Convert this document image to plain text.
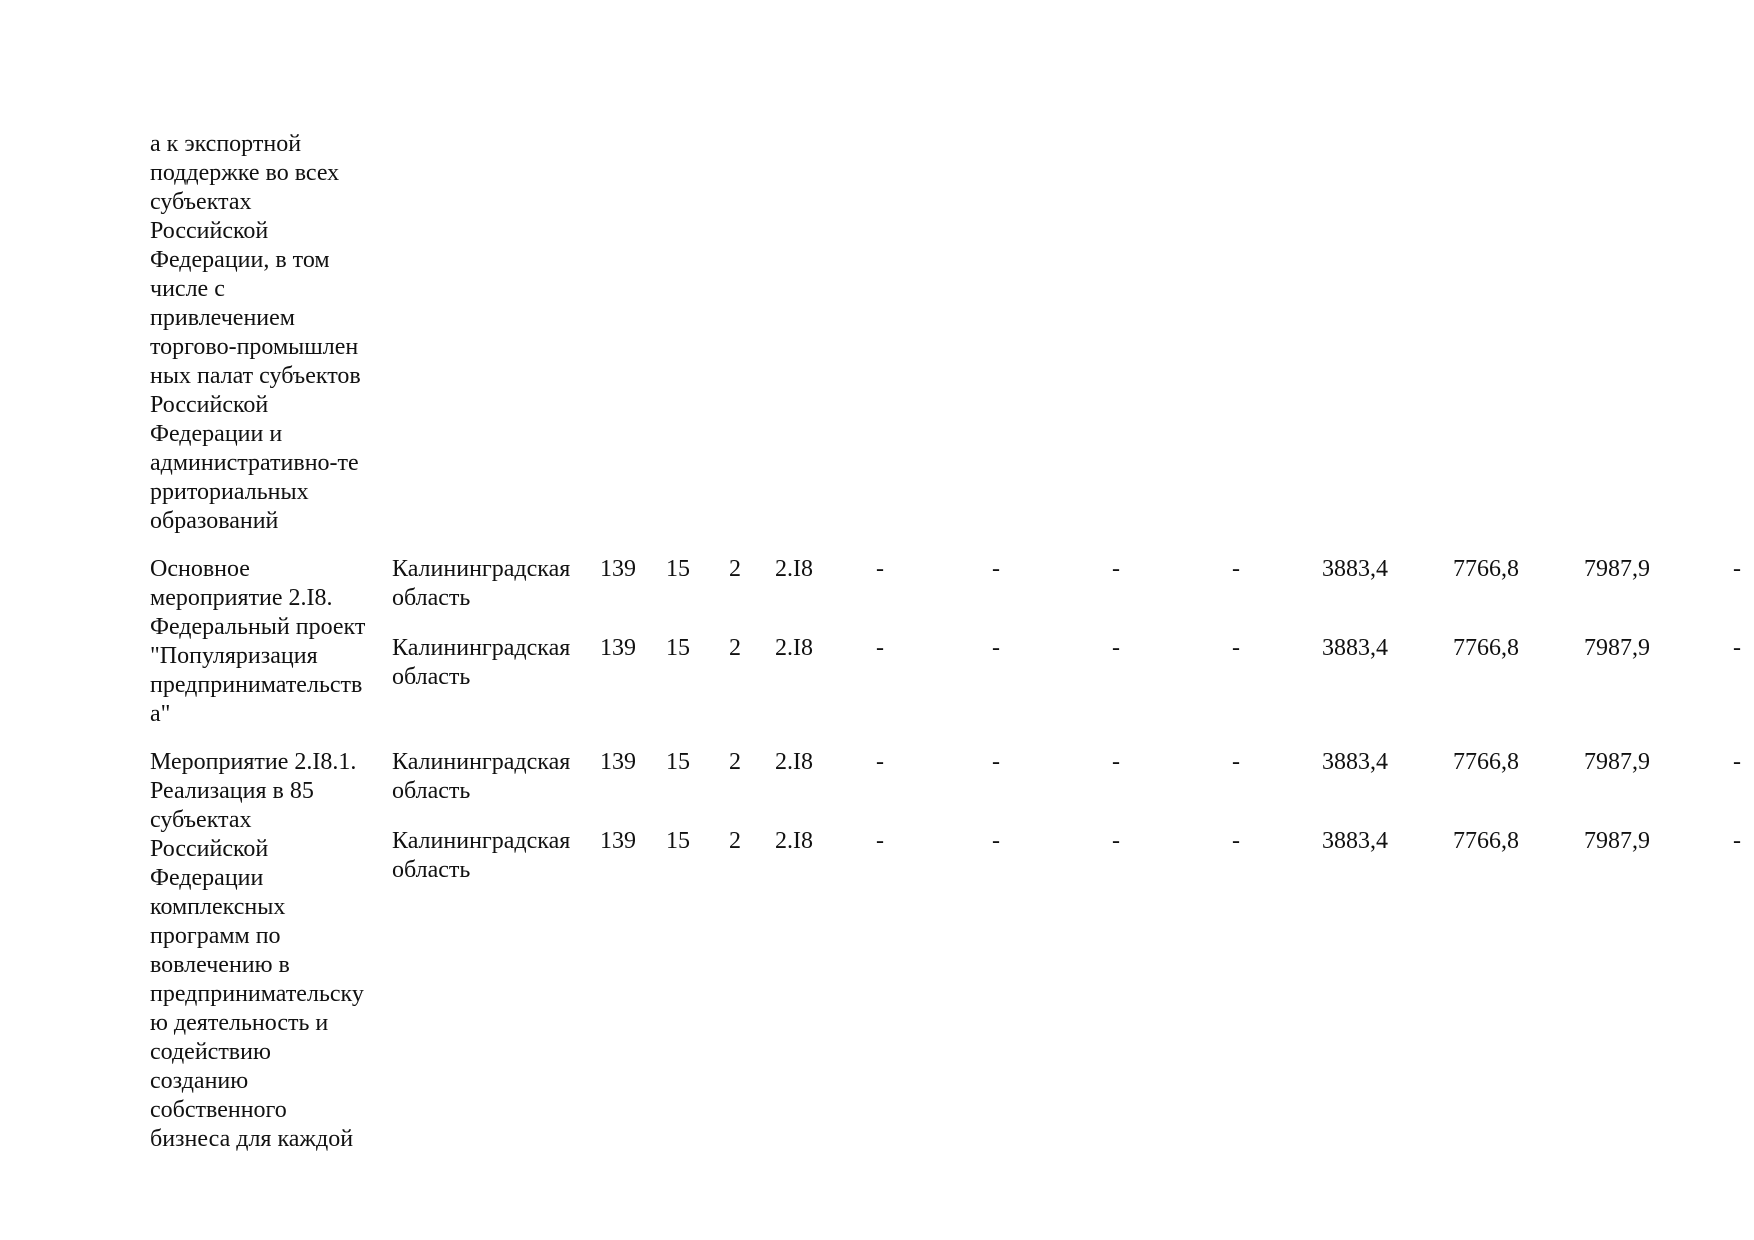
а к экспортной
поддержке во всех
субъектах
Российской
Федерации, в том
числе с
привлечением
торгово-промышлен
ных палат субъектов
Российской
Федерации и
административно-те
рриториальных
образований
Основное
мероприятие 2.I8.
Федеральный проект
"Популяризация
предпринимательств
а"
Калининградская
область
139 15 2 2.I8	-	-	-	-	3883,4	7766,8	7987,9	-
Калининградская
область
139 15 2 2.I8	-	-	-	-	3883,4	7766,8	7987,9	-
Мероприятие 2.I8.1.
Реализация в 85
субъектах
Российской
Федерации
комплексных
программ по
вовлечению в
предпринимательску
ю деятельность и
содействию
созданию
собственного
бизнеса для каждой
Калининградская
область
139 15 2 2.I8	-	-	-	-	3883,4	7766,8	7987,9	-
Калининградская
область
139 15 2 2.I8	-	-	-	-	3883,4	7766,8	7987,9	-
